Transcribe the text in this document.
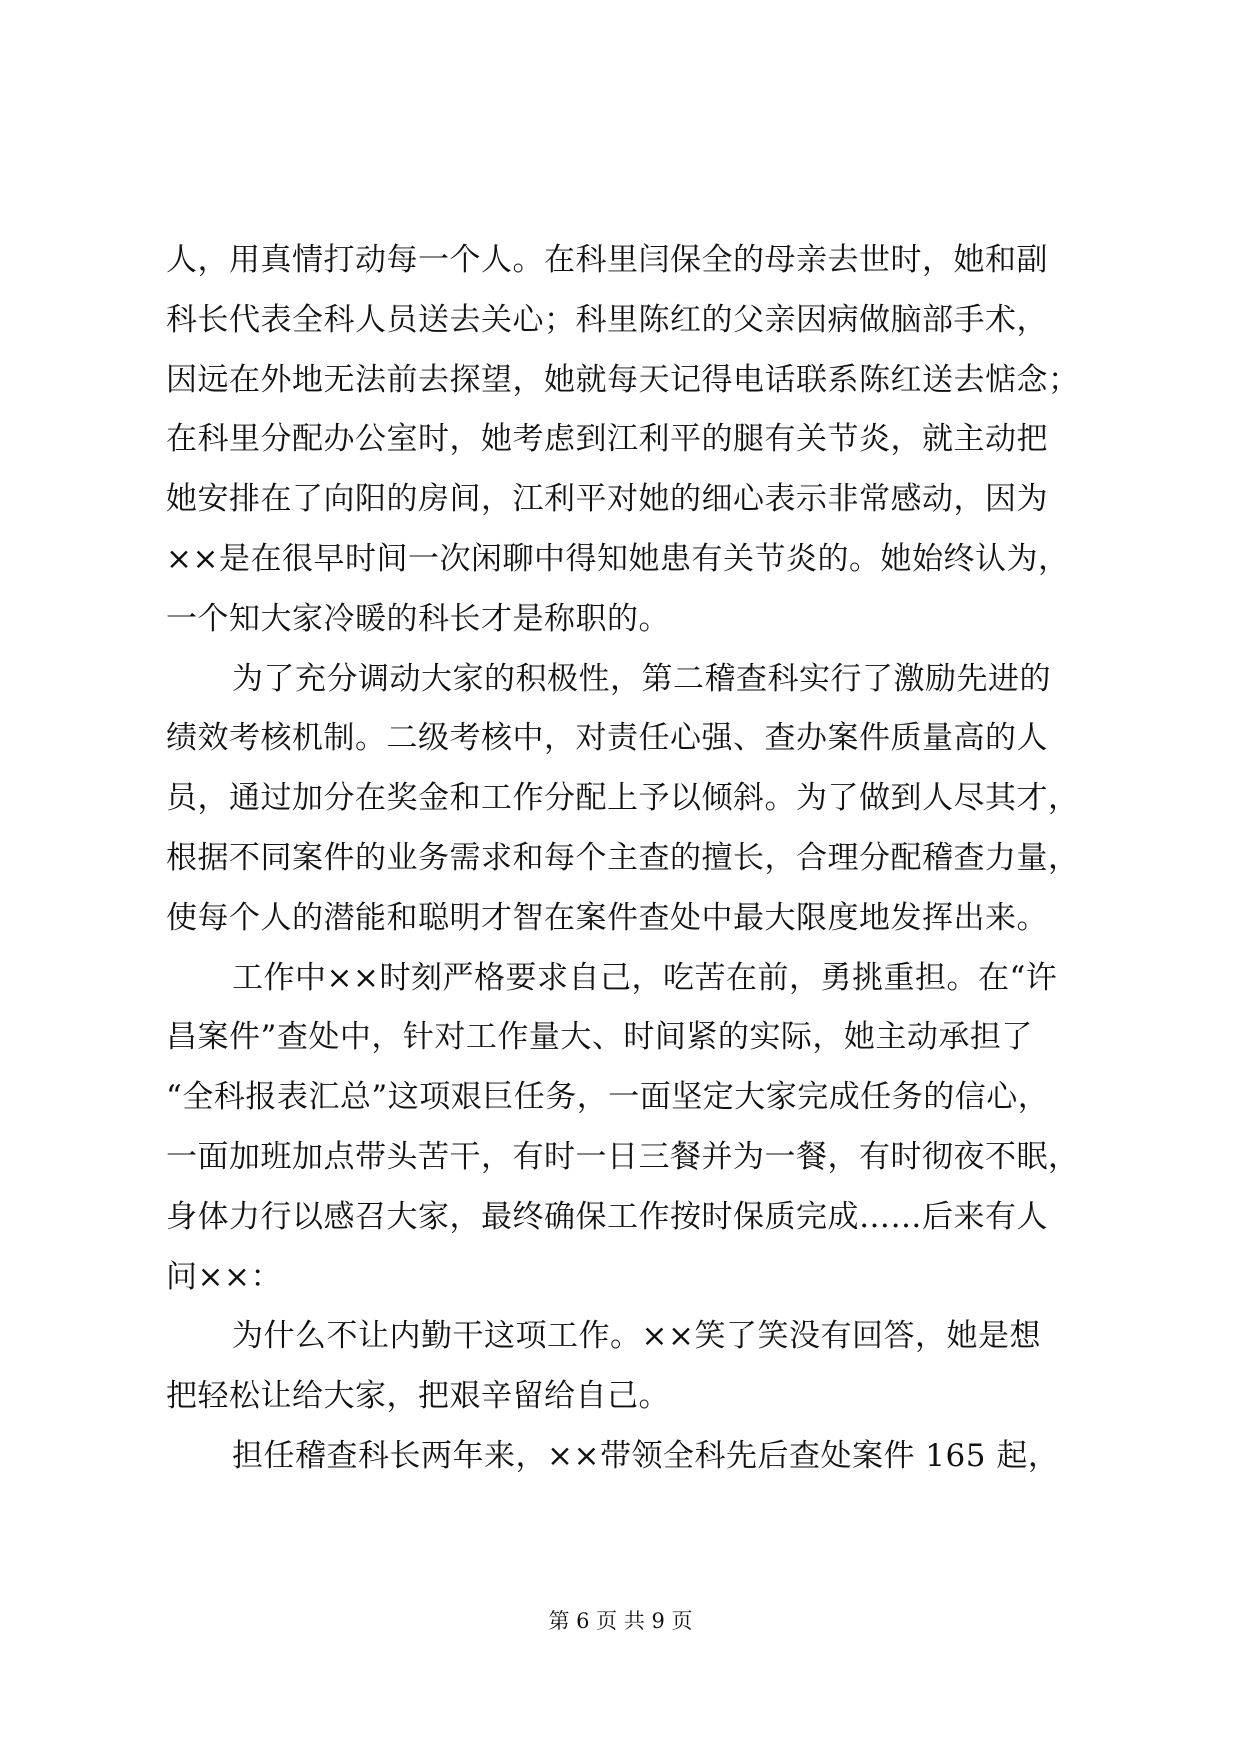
人，用真情打动每一个人。在科里闫保全的母亲去世时，她和副
科长代表全科人员送去关心；科里陈红的父亲因病做脑部手术，
因远在外地无法前去探望，她就每天记得电话联系陈红送去惦念；
在科里分配办公室时，她考虑到江利平的腿有关节炎，就主动把
她安排在了向阳的房间，江利平对她的细心表示非常感动，因为
××是在很早时间一次闲聊中得知她患有关节炎的。她始终认为，
一个知大家冷暖的科长才是称职的。

为了充分调动大家的积极性，第二稽查科实行了激励先进的
绩效考核机制。二级考核中，对责任心强、查办案件质量高的人
员，通过加分在奖金和工作分配上予以倾斜。为了做到人尽其才，
根据不同案件的业务需求和每个主查的擅长，合理分配稽查力量，
使每个人的潜能和聪明才智在案件查处中最大限度地发挥出来。

工作中××时刻严格要求自己，吃苦在前，勇挑重担。在“许
昌案件”查处中，针对工作量大、时间紧的实际，她主动承担了
“全科报表汇总”这项艰巨任务，一面坚定大家完成任务的信心，
一面加班加点带头苦干，有时一日三餐并为一餐，有时彻夜不眠，
身体力行以感召大家，最终确保工作按时保质完成……后来有人
问××：

为什么不让内勤干这项工作。××笑了笑没有回答，她是想
把轻松让给大家，把艰辛留给自己。

担任稽查科长两年来，××带领全科先后查处案件 165 起，

第 6 页 共 9 页
